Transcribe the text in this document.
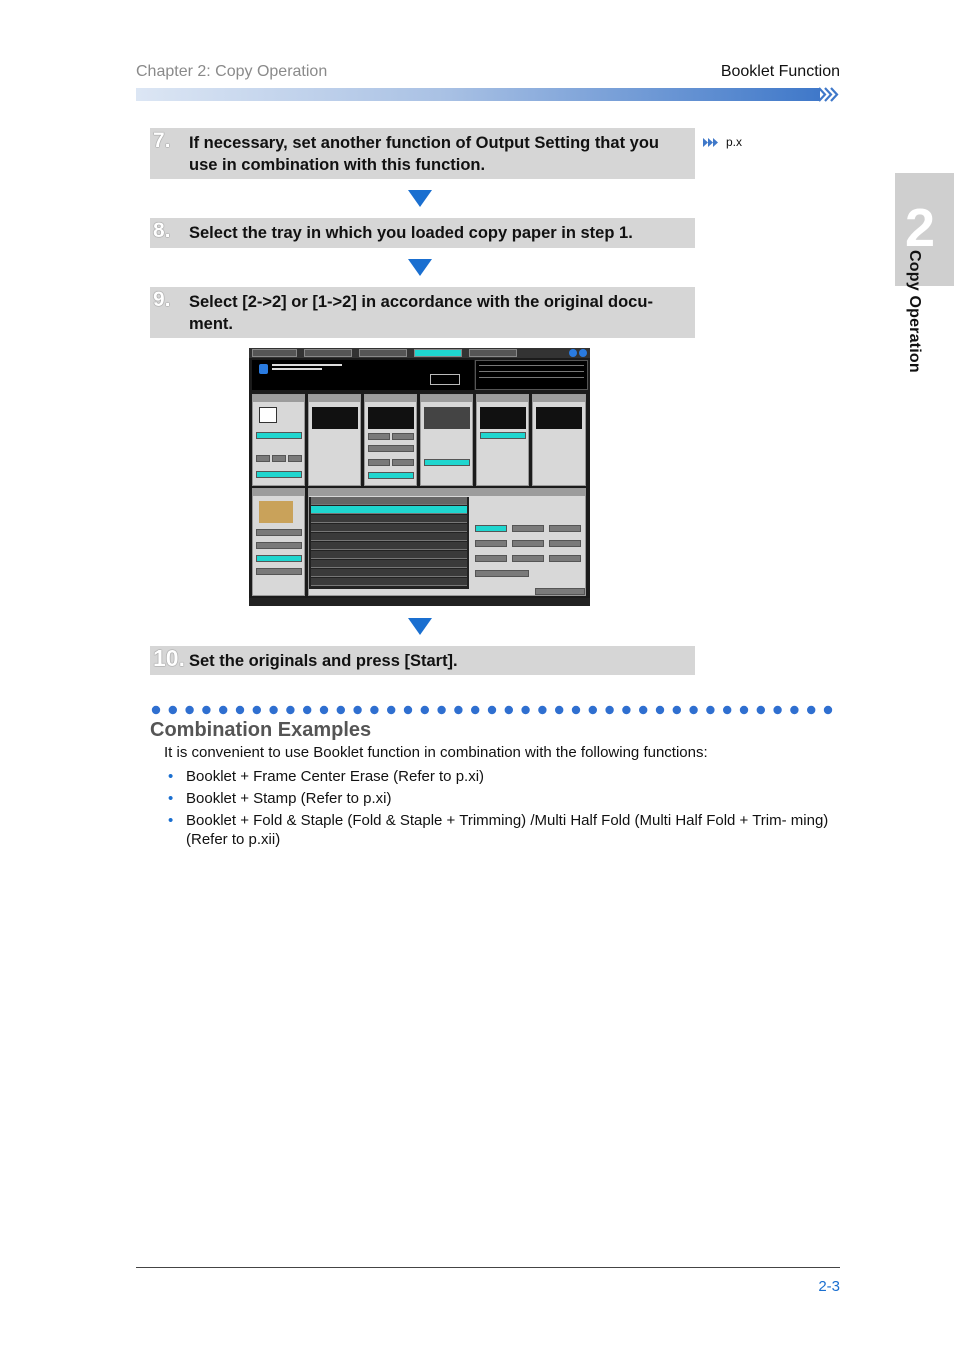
Chapter 2: Copy Operation	Booklet Function
2
Copy Operation
7. If necessary, set another function of Output Setting that you use in combination with this function.
p.x
8. Select the tray in which you loaded copy paper in step 1.
9. Select [2->2] or [1->2] in accordance with the original docu- ment.
10. Set the originals and press [Start].
Combination Examples
It is convenient to use Booklet function in combination with the following functions:
• Booklet + Frame Center Erase (Refer to p.xi)
• Booklet + Stamp (Refer to p.xi)
• Booklet + Fold & Staple (Fold & Staple + Trimming) /Multi Half Fold (Multi Half Fold + Trim- ming) (Refer to p.xii)
2-3
